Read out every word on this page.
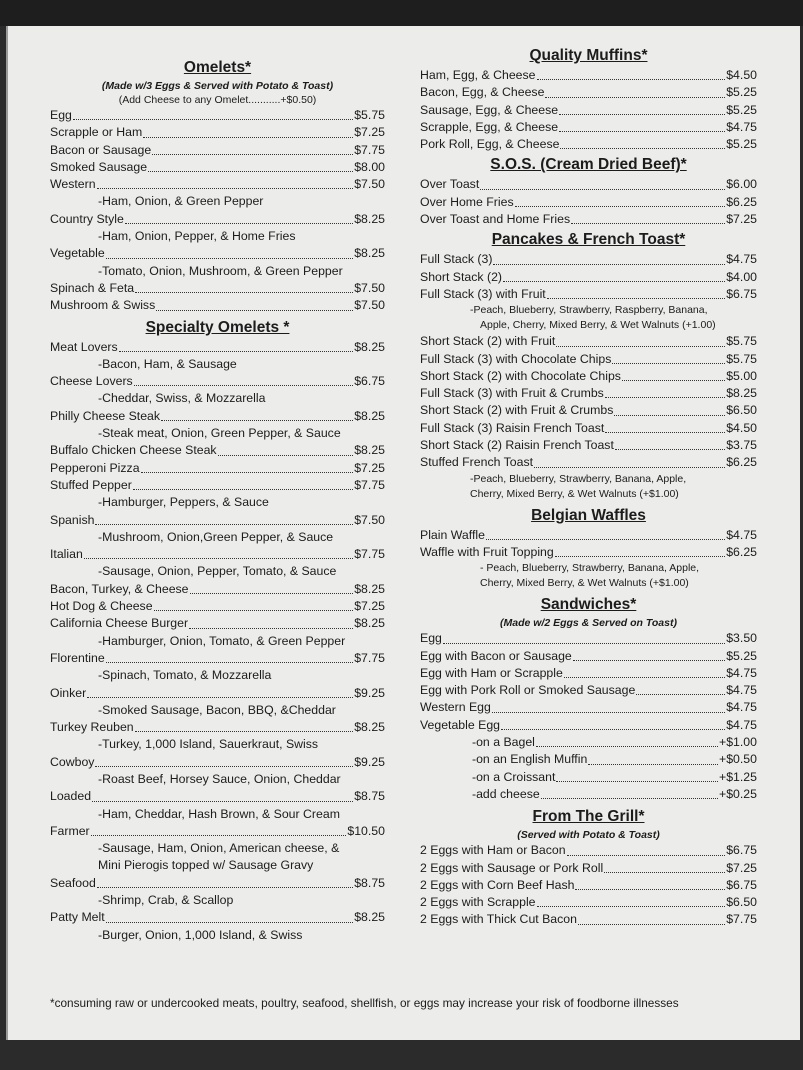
Omelets*
(Made w/3 Eggs & Served with Potato & Toast)
(Add Cheese to any Omelet...........+$0.50)
Egg	$5.75
Scrapple or Ham	$7.25
Bacon or Sausage	$7.75
Smoked Sausage	$8.00
Western	$7.50
-Ham, Onion, & Green Pepper
Country Style	$8.25
-Ham, Onion, Pepper, & Home Fries
Vegetable	$8.25
-Tomato, Onion, Mushroom, & Green Pepper
Spinach & Feta	$7.50
Mushroom & Swiss	$7.50
Specialty Omelets *
Meat Lovers	$8.25
-Bacon, Ham, & Sausage
Cheese Lovers	$6.75
-Cheddar, Swiss, & Mozzarella
Philly Cheese Steak	$8.25
-Steak meat, Onion, Green Pepper, & Sauce
Buffalo Chicken Cheese Steak	$8.25
Pepperoni Pizza	$7.25
Stuffed Pepper	$7.75
-Hamburger, Peppers, & Sauce
Spanish	$7.50
-Mushroom, Onion,Green Pepper, & Sauce
Italian	$7.75
-Sausage, Onion, Pepper, Tomato, & Sauce
Bacon, Turkey, & Cheese	$8.25
Hot Dog & Cheese	$7.25
California Cheese Burger	$8.25
-Hamburger, Onion, Tomato, & Green Pepper
Florentine	$7.75
-Spinach, Tomato, & Mozzarella
Oinker	$9.25
-Smoked Sausage, Bacon, BBQ, &Cheddar
Turkey Reuben	$8.25
-Turkey, 1,000 Island, Sauerkraut, Swiss
Cowboy	$9.25
-Roast Beef, Horsey Sauce, Onion, Cheddar
Loaded	$8.75
-Ham, Cheddar, Hash Brown, & Sour Cream
Farmer	$10.50
-Sausage, Ham, Onion, American cheese, &
Mini Pierogis topped w/ Sausage Gravy
Seafood	$8.75
-Shrimp, Crab, & Scallop
Patty Melt	$8.25
-Burger, Onion, 1,000 Island, & Swiss
Quality Muffins*
Ham, Egg, & Cheese	$4.50
Bacon, Egg, & Cheese	$5.25
Sausage, Egg, & Cheese	$5.25
Scrapple, Egg, & Cheese	$4.75
Pork Roll, Egg, & Cheese	$5.25
S.O.S. (Cream Dried Beef)*
Over Toast	$6.00
Over Home Fries	$6.25
Over Toast and Home Fries	$7.25
Pancakes & French Toast*
Full Stack (3)	$4.75
Short Stack (2)	$4.00
Full Stack (3) with Fruit	$6.75
-Peach, Blueberry, Strawberry, Raspberry, Banana,
Apple, Cherry, Mixed Berry, & Wet Walnuts (+1.00)
Short Stack (2) with Fruit	$5.75
Full Stack (3) with Chocolate Chips	$5.75
Short Stack (2) with Chocolate Chips	$5.00
Full Stack (3) with Fruit & Crumbs	$8.25
Short Stack (2) with Fruit & Crumbs	$6.50
Full Stack (3) Raisin French Toast	$4.50
Short Stack (2) Raisin French Toast	$3.75
Stuffed French Toast	$6.25
-Peach, Blueberry, Strawberry, Banana, Apple,
Cherry, Mixed Berry, & Wet Walnuts (+$1.00)
Belgian Waffles
Plain Waffle	$4.75
Waffle with Fruit Topping	$6.25
- Peach, Blueberry, Strawberry, Banana, Apple,
Cherry, Mixed Berry, & Wet Walnuts (+$1.00)
Sandwiches*
(Made w/2 Eggs & Served on Toast)
Egg	$3.50
Egg with Bacon or Sausage	$5.25
Egg with Ham or Scrapple	$4.75
Egg with Pork Roll or Smoked Sausage	$4.75
Western Egg	$4.75
Vegetable Egg	$4.75
-on a Bagel	+$1.00
-on an English Muffin	+$0.50
-on a Croissant	+$1.25
-add cheese	+$0.25
From The Grill*
(Served with Potato & Toast)
2 Eggs with Ham or Bacon	$6.75
2 Eggs with Sausage or Pork Roll	$7.25
2 Eggs with Corn Beef Hash	$6.75
2 Eggs with Scrapple	$6.50
2 Eggs with Thick Cut Bacon	$7.75
*consuming raw or undercooked meats, poultry, seafood, shellfish, or eggs may increase your risk of foodborne illnesses
